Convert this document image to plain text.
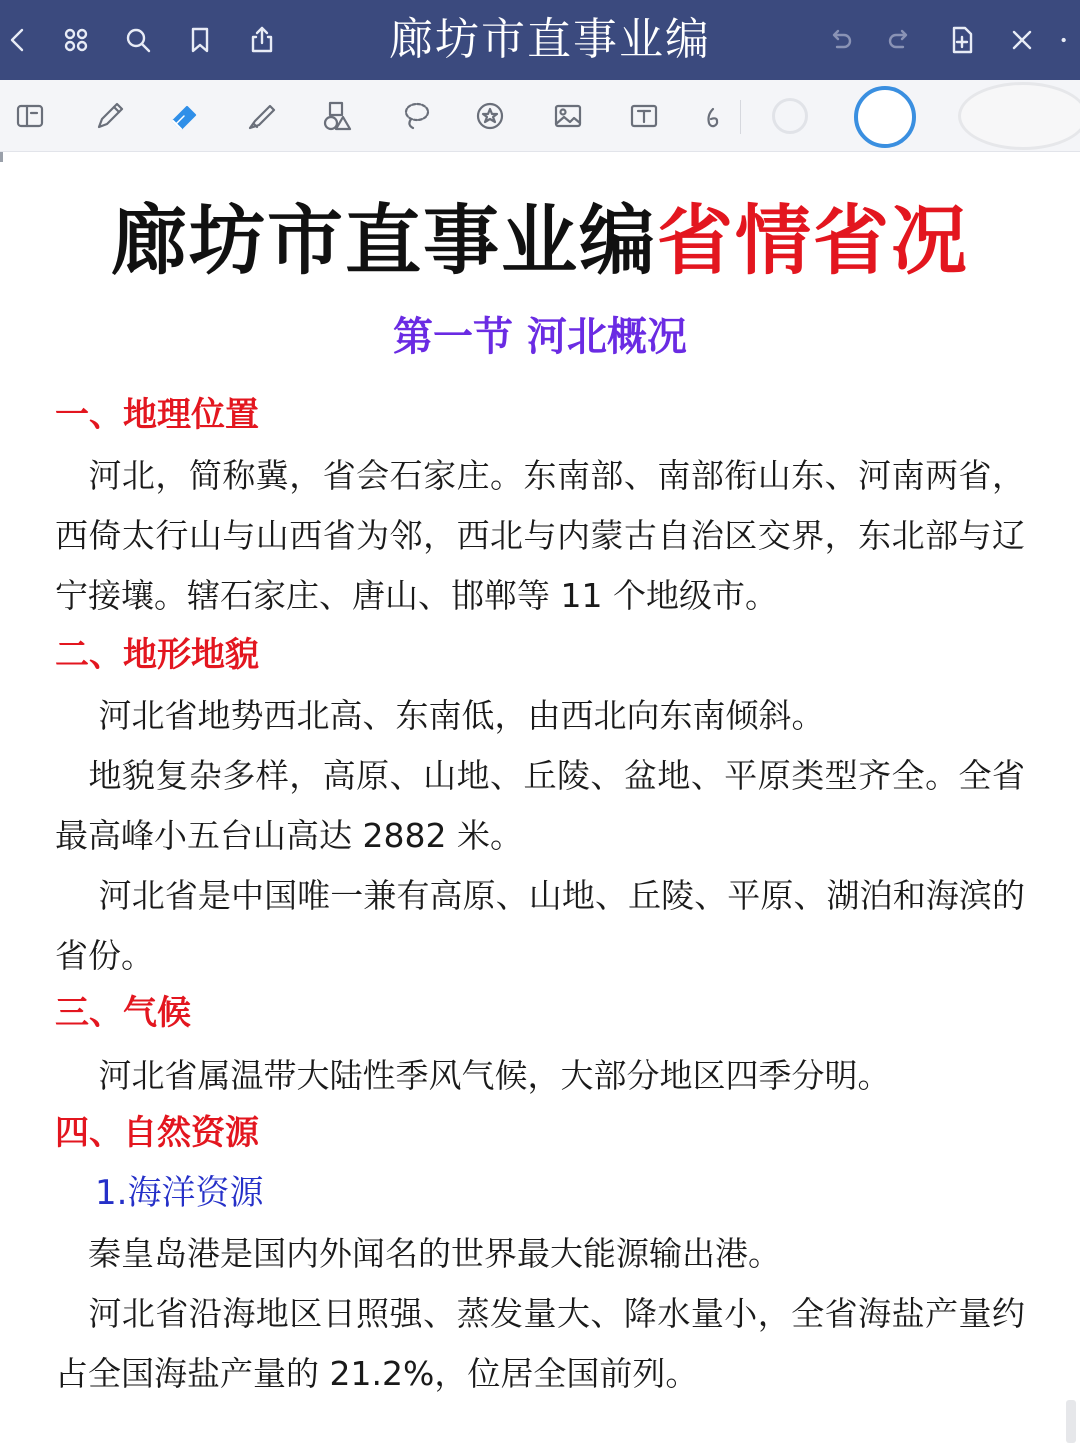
廊坊市直事业编
廊坊市直事业编省情省况
第一节 河北概况
一、地理位置
　河北，简称冀，省会石家庄。东南部、南部衔山东、河南两省，西倚太行山与山西省为邻，西北与内蒙古自治区交界，东北部与辽宁接壤。辖石家庄、唐山、邯郸等 11 个地级市。
二、地形地貌
　 河北省地势西北高、东南低，由西北向东南倾斜。
　地貌复杂多样，高原、山地、丘陵、盆地、平原类型齐全。全省最高峰小五台山高达 2882 米。
　 河北省是中国唯一兼有高原、山地、丘陵、平原、湖泊和海滨的省份。
三、气候
　 河北省属温带大陆性季风气候，大部分地区四季分明。
四、自然资源
1.海洋资源
　秦皇岛港是国内外闻名的世界最大能源输出港。
　河北省沿海地区日照强、蒸发量大、降水量小，全省海盐产量约占全国海盐产量的 21.2%，位居全国前列。
